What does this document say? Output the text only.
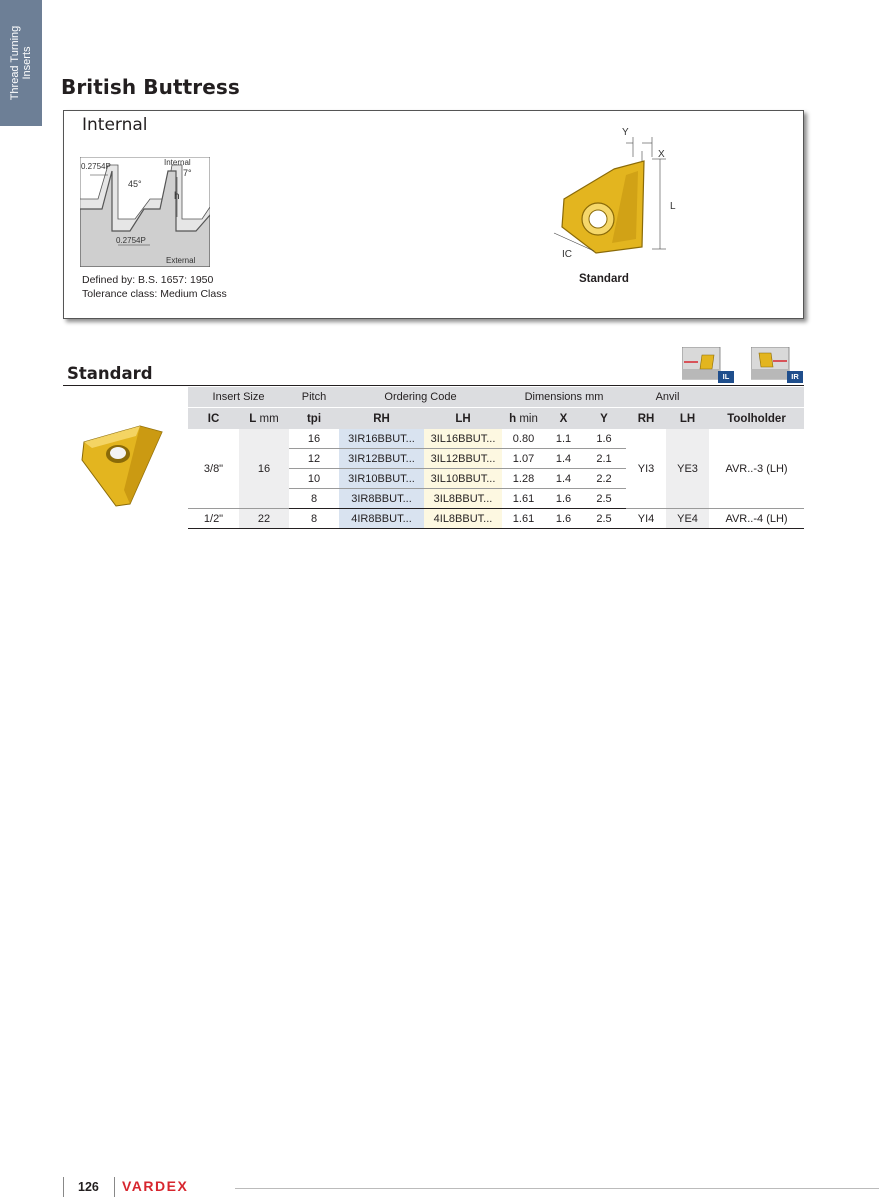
Thread Turning Inserts
British Buttress
Internal
0.2754P	Internal
7°
45°
h
0.2754P
External
Defined by: B.S. 1657: 1950
Tolerance class: Medium Class
Y
X
L
IC
Standard
Standard	IL	IR
Insert Size		Pitch	Ordering Code		Dimensions mm			Anvil		
IC	L mm	tpi	RH	LH	h min	X	Y	RH	LH	Toolholder
3/8"	16	16	3IR16BBUT...	3IL16BBUT...	0.80	1.1	1.6	YI3	YE3	AVR..-3 (LH)
		12	3IR12BBUT...	3IL12BBUT...	1.07	1.4	2.1			
		10	3IR10BBUT...	3IL10BBUT...	1.28	1.4	2.2			
		8	3IR8BBUT...	3IL8BBUT...	1.61	1.6	2.5			
1/2"	22	8	4IR8BBUT...	4IL8BBUT...	1.61	1.6	2.5	YI4	YE4	AVR..-4 (LH)
126 VARDEX
